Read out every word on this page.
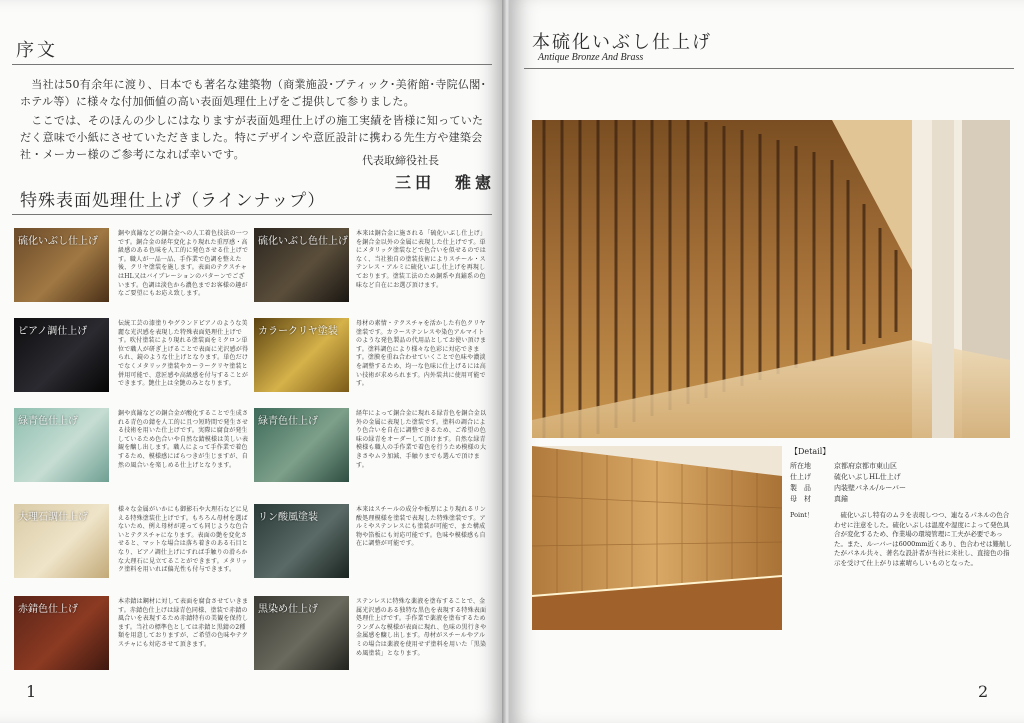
序文
　当社は50有余年に渡り、日本でも著名な建築物（商業施設･ブティック･美術館･寺院仏閣･ホテル等）に様々な付加価値の高い表面処理仕上げをご提供して参りました。
　ここでは、そのほんの少しにはなりますが表面処理仕上げの施工実績を皆様に知っていただく意味で小紙にさせていただきました。特にデザインや意匠設計に携わる先生方や建築会社・メーカー様のご参考になれば幸いです。	代表取締役社長
三田　雅憲
特殊表面処理仕上げ（ラインナップ）
硫化いぶし仕上げ
銅や真鍮などの銅合金への人工着色技法の一つです。銅合金の経年変化より現れた重厚感・高級感のある色味を人工的に発色させる仕上げです。職人が一品一品、手作業で色調を整えた後、クリヤ塗装を施します。表面のテクスチャはHL又はバイブレーションのパターンでございます。色調は淡色から濃色までお客様の趣がなご要望にもお応え致します。
硫化いぶし色仕上げ
本来は銅合金に施される「硫化いぶし仕上げ」を銅合金以外の金属に表現した仕上げです。単にメタリック塗装などで色合いを似せるのではなく、当社独自の塗装技術によりスチール・ステンレス・アルミに硫化いぶし仕上げを再現しております。塗装工法のため銅系や真鍮系の色味など自在にお選び頂けます。
ピアノ調仕上げ
伝統工芸の漆塗りやグランドピアノのような美麗な光沢感を表現した特殊表面処理仕上げです。吹付塗装により現れる塗装面をミクロン単位で職人が研ぎ上げることで表面に光沢感が得られ、鏡のような仕上げとなります。単色だけでなくメタリック塗装やカーラークリヤ塗装と併用可能で、意匠感や高級感を付与することができます。艶仕上は全艶のみとなります。
カラークリヤ塗装
母材の素情・テクスチャを活かした有色クリヤ塗装です。カラーステンレスや染色アルマイトのような発色製品の代用品としてお使い頂けます。塗料調色により様々な色彩に対応できます。塗膜を重ね合わせていくことで色味や濃淡を調整するため、均一な色味に仕上げるには高い技術が求められます。内外装共に使用可能です。
緑青色仕上げ
銅や真鍮などの銅合金が酸化することで生成される青色の錆を人工的に且つ短時間で発生させる技術を用いた仕上げです。実際に腐食が発生しているため色合いや自然な錆模様は美しい表観を醸し出します。職人によって手作業で着色するため、模様感にばらつきが生じますが、自然の風合いを楽しめる仕上げとなります。
緑青色仕上げ
経年によって銅合金に現れる緑青色を銅合金以外の金属に表現した塗装です。塗料の調合により色合いを自在に調整できるため、ご希望の色味の緑青をオーダーして頂けます。自然な緑青模様も職人の手作業で着色を行うため模様の大きさやムラ加減、手触りまでも選んで頂けます。
大理石調仕上げ
様々な金属がいかにも御影石や大理石などに見える特殊塗装仕上げです。もちろん母材を選ばないため、例え母材が違っても同じような色合いとテクスチャになります。表面の艶を変化させると、マットな場合は落ち着きのある石目となり、ピアノ調仕上げにすれば手触りの滑らかな大理石に見立てることができます。メタリック塗料を用いれば偏光性も付与できます。
リン酸風塗装
本来はスチールの成分や板厚により現れるリン酸処理模様を塗装で表現した特殊塗装です。アルミやステンレスにも塗装が可能で、また構成物や箔板にも対応可能です。色味や模様感も自在に調整が可能です。
赤錆色仕上げ
本赤錆は鋼材に対して表面を腐食させていきます。赤錆色仕上げは緑青色同様、塗装で赤錆の風合いを表現するため赤錆特有の美観を保持します。当社の標準色としては赤錆と黒錆の2種類を用意しておりますが、ご希望の色味やテクスチャにも対応させて頂きます。
黒染め仕上げ
ステンレスに特殊な薬液を塗布することで、金属光沢感のある独特な黒色を表現する特殊表面処理仕上げです。手作業で薬液を塗布するためランダムな模様が表面に現れ、色味の黒行きや金属感を醸し出します。母材がスチールやアルミの場合は薬液を使用せず塗料を用いた「黒染め風塗装」となります。
1
本硫化いぶし仕上げ
Antique Bronze And Brass
【Detail】
所在地	京都府京都市東山区
仕上げ	硫化いぶしHL仕上げ
製　品	内装壁パネル/ルーバー
母　材	真鍮
Point！	　硫化いぶし特有のムラを表現しつつ、連なるパネルの色合わせに注意をした。硫化いぶしは温度や湿度によって発色具合が変化するため、作業場の環境管理に工夫が必要であった。また、ルーバーは6000mm近くあり、色合わせは難航したがパネル共々、著名な設計者が当社に来社し、直接色の指示を受けて仕上がりは素晴らしいものとなった。
2
